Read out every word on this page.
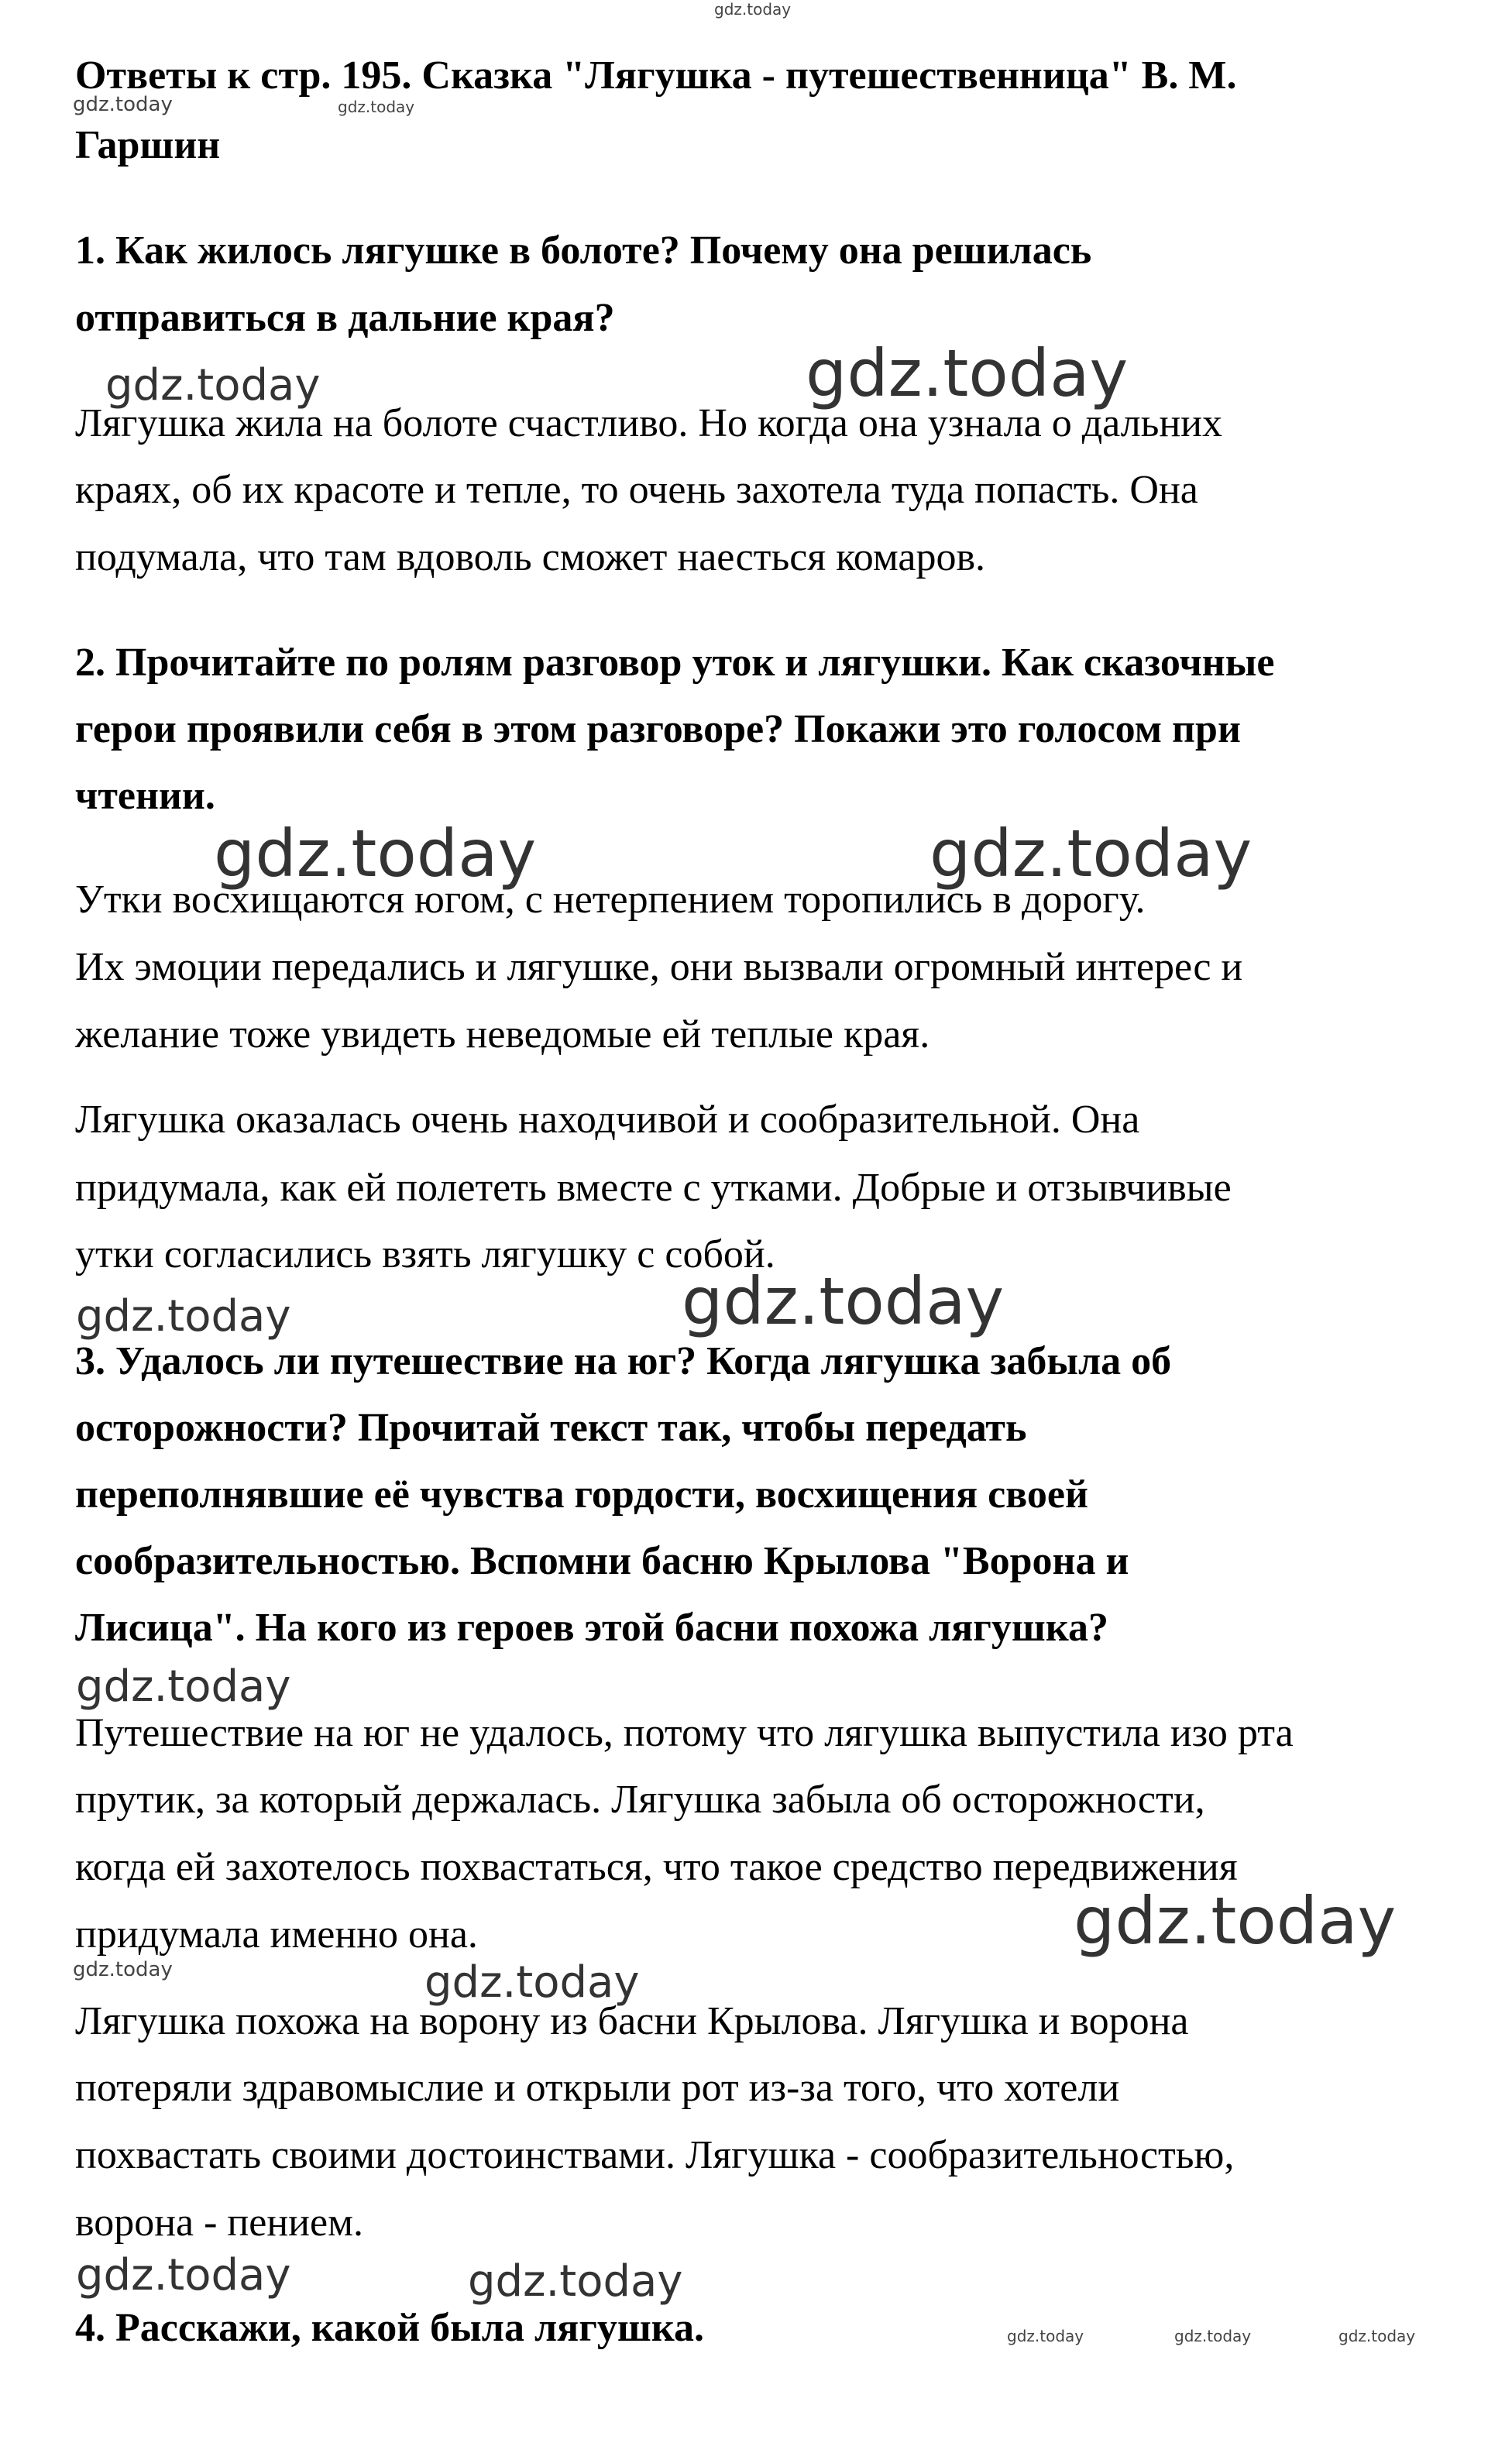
Ответы к стр. 195. Сказка "Лягушка - путешественница" В. М.
Гаршин
1. Как жилось лягушке в болоте? Почему она решилась
отправиться в дальние края?
Лягушка жила на болоте счастливо. Но когда она узнала о дальних
краях, об их красоте и тепле, то очень захотела туда попасть. Она
подумала, что там вдоволь сможет наесться комаров.
2. Прочитайте по ролям разговор уток и лягушки. Как сказочные
герои проявили себя в этом разговоре? Покажи это голосом при
чтении.
Утки восхищаются югом, с нетерпением торопились в дорогу.
Их эмоции передались и лягушке, они вызвали огромный интерес и
желание тоже увидеть неведомые ей теплые края.
Лягушка оказалась очень находчивой и сообразительной. Она
придумала, как ей полететь вместе с утками. Добрые и отзывчивые
утки согласились взять лягушку с собой.
3. Удалось ли путешествие на юг? Когда лягушка забыла об
осторожности? Прочитай текст так, чтобы передать
переполнявшие её чувства гордости, восхищения своей
сообразительностью. Вспомни басню Крылова "Ворона и
Лисица". На кого из героев этой басни похожа лягушка?
Путешествие на юг не удалось, потому что лягушка выпустила изо рта
прутик, за который держалась. Лягушка забыла об осторожности,
когда ей захотелось похвастаться, что такое средство передвижения
придумала именно она.
Лягушка похожа на ворону из басни Крылова. Лягушка и ворона
потеряли здравомыслие и открыли рот из-за того, что хотели
похвастать своими достоинствами. Лягушка - сообразительностью,
ворона - пением.
4. Расскажи, какой была лягушка.
gdz.today
gdz.today	gdz.today
gdz.today	gdz.today
gdz.today	gdz.today
gdz.today	gdz.today
gdz.today
gdz.today
gdz.today	gdz.today
gdz.today	gdz.today
gdz.today	gdz.today	gdz.today
